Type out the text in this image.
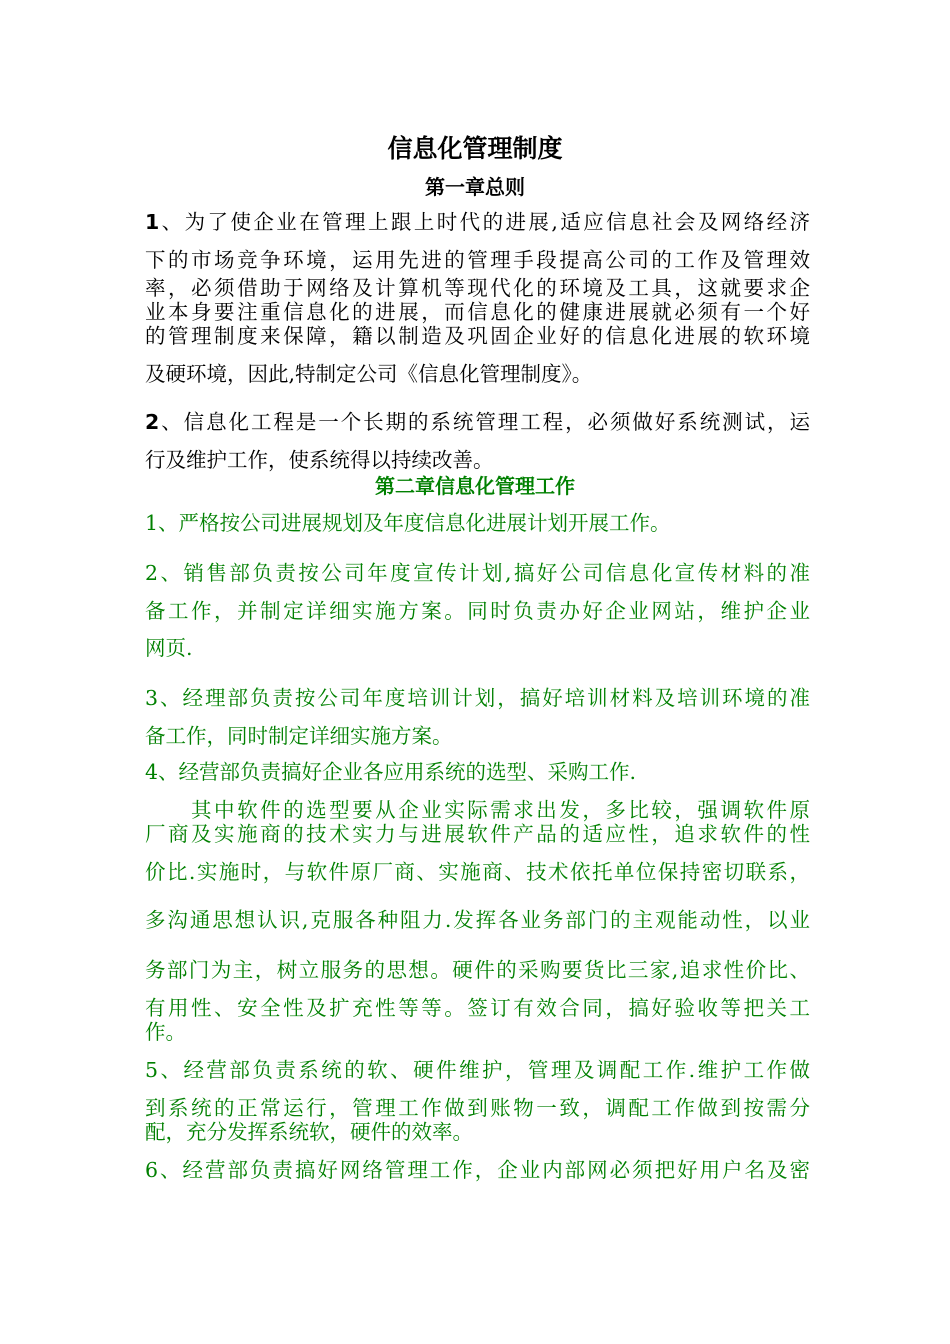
信息化管理制度
第一章总则

1、为了使企业在管理上跟上时代的进展,适应信息社会及网络经济

下的市场竞争环境，运用先进的管理手段提高公司的工作及管理效

率，必须借助于网络及计算机等现代化的环境及工具，这就要求企

业本身要注重信息化的进展，而信息化的健康进展就必须有一个好

的管理制度来保障，籍以制造及巩固企业好的信息化进展的软环境

及硬环境，因此,特制定公司《信息化管理制度》。

2、信息化工程是一个长期的系统管理工程，必须做好系统测试，运

行及维护工作，使系统得以持续改善。

第二章信息化管理工作

1、严格按公司进展规划及年度信息化进展计划开展工作。

2、销售部负责按公司年度宣传计划,搞好公司信息化宣传材料的准

备工作，并制定详细实施方案。同时负责办好企业网站，维护企业

网页.

3、经理部负责按公司年度培训计划，搞好培训材料及培训环境的准

备工作，同时制定详细实施方案。

4、经营部负责搞好企业各应用系统的选型、采购工作.

　　其中软件的选型要从企业实际需求出发，多比较，强调软件原

厂商及实施商的技术实力与进展软件产品的适应性，追求软件的性

价比.实施时，与软件原厂商、实施商、技术依托单位保持密切联系，

多沟通思想认识,克服各种阻力.发挥各业务部门的主观能动性，以业

务部门为主，树立服务的思想。硬件的采购要货比三家,追求性价比、

有用性、安全性及扩充性等等。签订有效合同，搞好验收等把关工

作。

5、经营部负责系统的软、硬件维护，管理及调配工作.维护工作做

到系统的正常运行，管理工作做到账物一致，调配工作做到按需分

配，充分发挥系统软，硬件的效率。

6、经营部负责搞好网络管理工作，企业内部网必须把好用户名及密
